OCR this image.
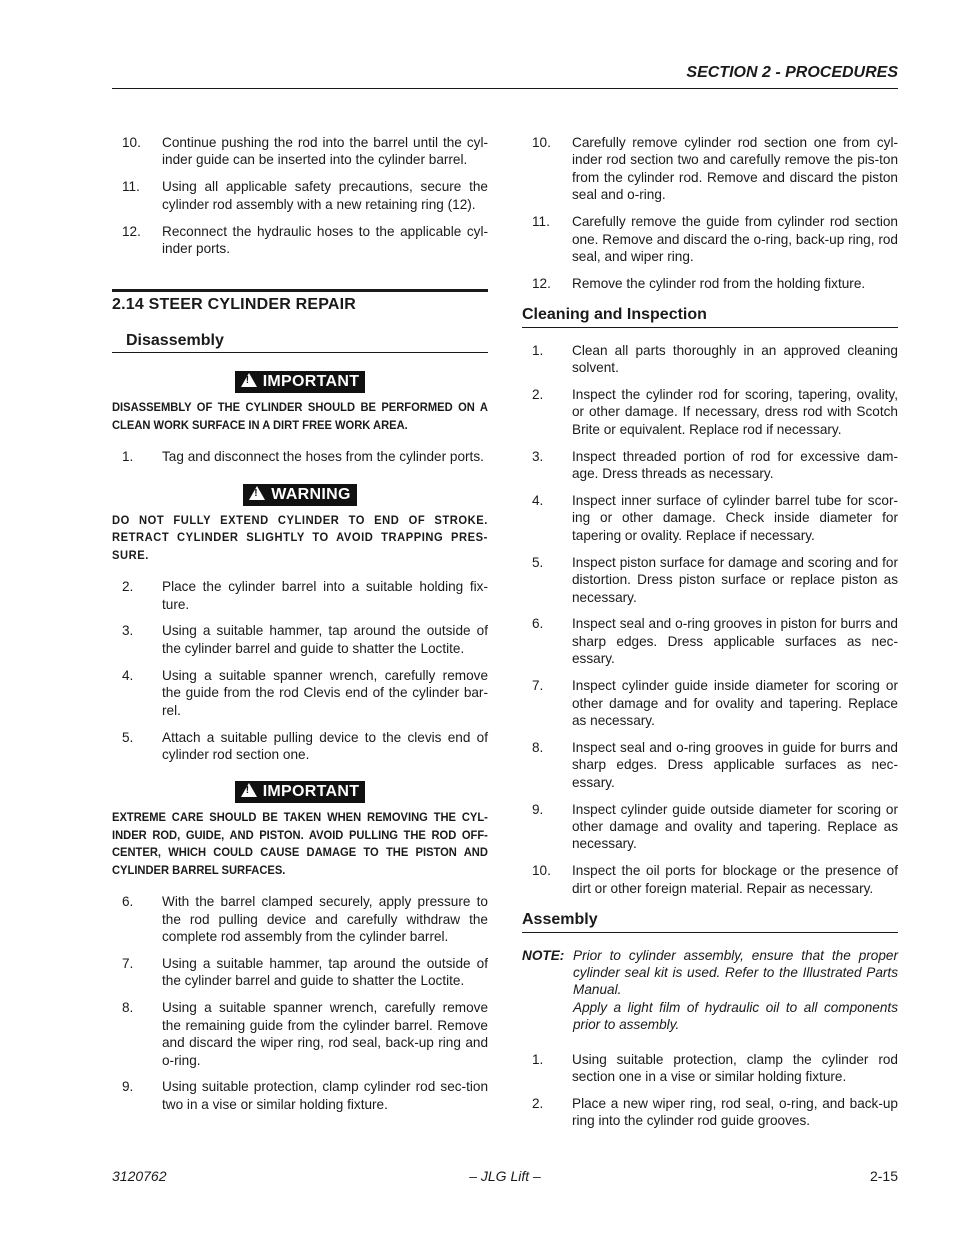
SECTION 2 - PROCEDURES
10.	Continue pushing the rod into the barrel until the cyl-inder guide can be inserted into the cylinder barrel.
11.	Using all applicable safety precautions, secure the cylinder rod assembly with a new retaining ring (12).
12.	Reconnect the hydraulic hoses to the applicable cyl-inder ports.
2.14 STEER CYLINDER REPAIR
Disassembly
!IMPORTANT

DISASSEMBLY OF THE CYLINDER SHOULD BE PERFORMED ON A CLEAN WORK SURFACE IN A DIRT FREE WORK AREA.

1.	Tag and disconnect the hoses from the cylinder ports.
!WARNING

DO NOT FULLY EXTEND CYLINDER TO END OF STROKE. RETRACT CYLINDER SLIGHTLY TO AVOID TRAPPING PRES-SURE.

2.	Place the cylinder barrel into a suitable holding fix-ture.
3.	Using a suitable hammer, tap around the outside of the cylinder barrel and guide to shatter the Loctite.
4.	Using a suitable spanner wrench, carefully remove the guide from the rod Clevis end of the cylinder bar-rel.
5.	Attach a suitable pulling device to the clevis end of cylinder rod section one.
!IMPORTANT

EXTREME CARE SHOULD BE TAKEN WHEN REMOVING THE CYL-INDER ROD, GUIDE, AND PISTON. AVOID PULLING THE ROD OFF-CENTER, WHICH COULD CAUSE DAMAGE TO THE PISTON AND CYLINDER BARREL SURFACES.

6.	With the barrel clamped securely, apply pressure to the rod pulling device and carefully withdraw the complete rod assembly from the cylinder barrel.
7.	Using a suitable hammer, tap around the outside of the cylinder barrel and guide to shatter the Loctite.
8.	Using a suitable spanner wrench, carefully remove the remaining guide from the cylinder barrel. Remove and discard the wiper ring, rod seal, back-up ring and o-ring.
9.	Using suitable protection, clamp cylinder rod sec-tion two in a vise or similar holding fixture.
10.	Carefully remove cylinder rod section one from cyl-inder rod section two and carefully remove the pis-ton from the cylinder rod. Remove and discard the piston seal and o-ring.
11.	Carefully remove the guide from cylinder rod section one. Remove and discard the o-ring, back-up ring, rod seal, and wiper ring.
12.	Remove the cylinder rod from the holding fixture.
Cleaning and Inspection
1.	Clean all parts thoroughly in an approved cleaning solvent.
2.	Inspect the cylinder rod for scoring, tapering, ovality, or other damage. If necessary, dress rod with Scotch Brite or equivalent. Replace rod if necessary.
3.	Inspect threaded portion of rod for excessive dam-age. Dress threads as necessary.
4.	Inspect inner surface of cylinder barrel tube for scor-ing or other damage. Check inside diameter for tapering or ovality. Replace if necessary.
5.	Inspect piston surface for damage and scoring and for distortion. Dress piston surface or replace piston as necessary.
6.	Inspect seal and o-ring grooves in piston for burrs and sharp edges. Dress applicable surfaces as nec-essary.
7.	Inspect cylinder guide inside diameter for scoring or other damage and for ovality and tapering. Replace as necessary.
8.	Inspect seal and o-ring grooves in guide for burrs and sharp edges. Dress applicable surfaces as nec-essary.
9.	Inspect cylinder guide outside diameter for scoring or other damage and ovality and tapering. Replace as necessary.
10.	Inspect the oil ports for blockage or the presence of dirt or other foreign material. Repair as necessary.
Assembly
NOTE: Prior to cylinder assembly, ensure that the proper cylinder seal kit is used. Refer to the Illustrated Parts Manual.

Apply a light film of hydraulic oil to all components prior to assembly.

1.	Using suitable protection, clamp the cylinder rod section one in a vise or similar holding fixture.
2.	Place a new wiper ring, rod seal, o-ring, and back-up ring into the cylinder rod guide grooves.
3120762	– JLG Lift –	2-15
